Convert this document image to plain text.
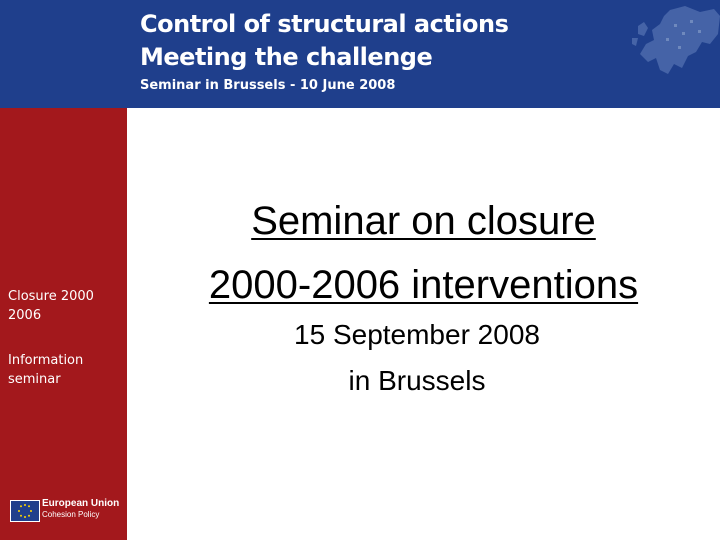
Control of structural actions
Meeting the challenge
Seminar in Brussels - 10 June 2008
Closure 2000 2006
Information seminar
European Union
Cohesion Policy
Seminar on closure
2000-2006 interventions
15 September 2008
in Brussels
